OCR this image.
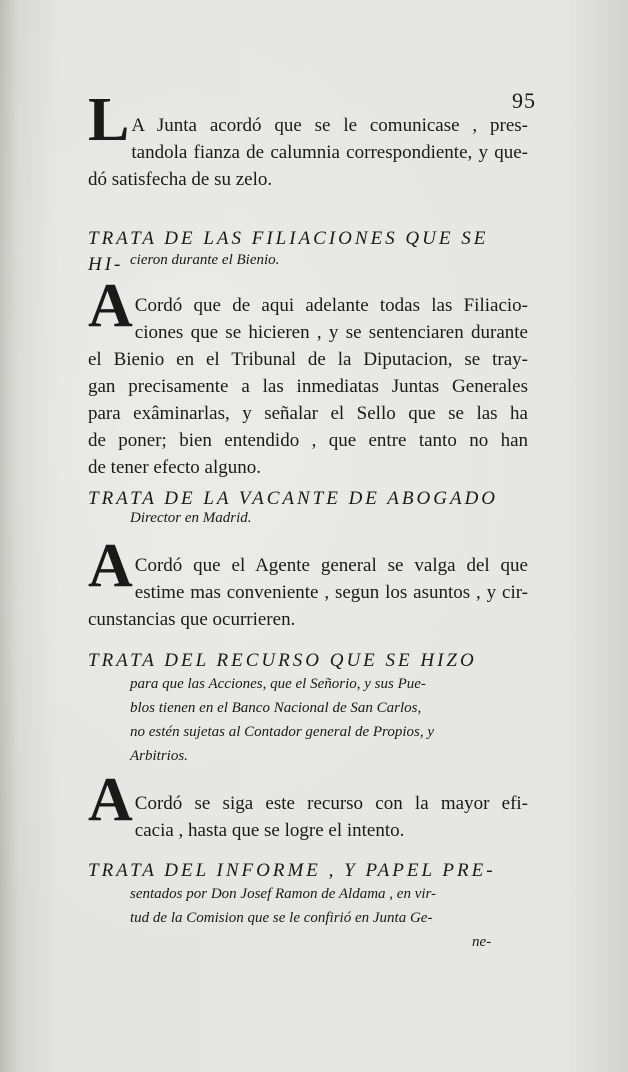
95
L A Junta acordó que se le comunicase , pres-
tandola fianza de calumnia correspondiente, y que-
dó satisfecha de su zelo.
TRATA DE LAS FILIACIONES QUE SE HI- cieron durante el Bienio.
A Cordó que de aqui adelante todas las Filiacio-
ciones que se hicieren , y se sentenciaren durante
el Bienio en el Tribunal de la Diputacion, se tray-
gan precisamente a las inmediatas Juntas Generales
para exâminarlas, y señalar el Sello que se las ha
de poner; bien entendido , que entre tanto no han
de tener efecto alguno.
TRATA DE LA VACANTE DE ABOGADO
Director en Madrid.
A Cordó que el Agente general se valga del que
estime mas conveniente , segun los asuntos , y cir-
cunstancias que ocurrieren.
TRATA DEL RECURSO QUE SE HIZO
para que las Acciones, que el Señorio, y sus Pue-
blos tienen en el Banco Nacional de San Carlos,
no estén sujetas al Contador general de Propios, y
Arbitrios.
A Cordó se siga este recurso con la mayor efi-
cacia , hasta que se logre el intento.
TRATA DEL INFORME , Y PAPEL PRE-
sentados por Don Josef Ramon de Aldama , en vir-
tud de la Comision que se le confirió en Junta Ge-
ne-
